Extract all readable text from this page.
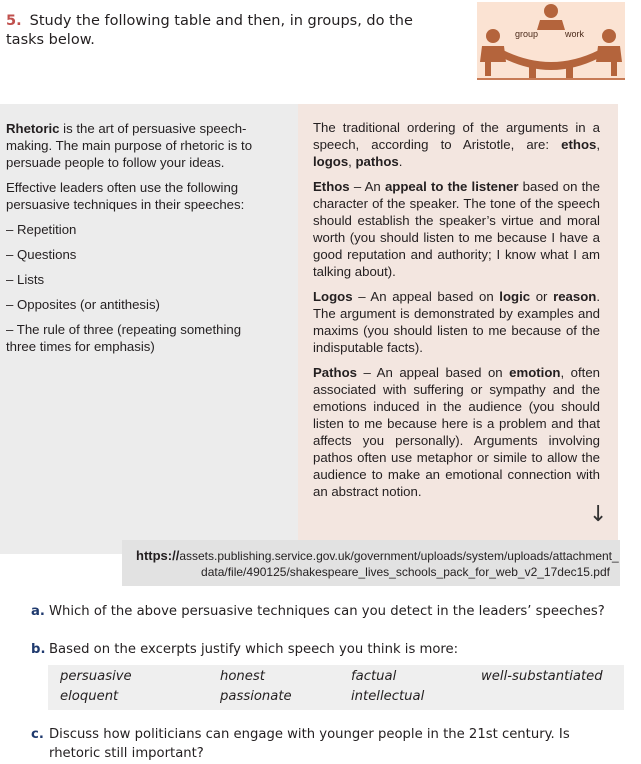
5. Study the following table and then, in groups, do the tasks below.	group	work

Rhetoric is the art of persuasive speech-making. The main purpose of rhetoric is to persuade people to follow your ideas.

Effective leaders often use the following persuasive techniques in their speeches:

– Repetition

– Questions

– Lists

– Opposites (or antithesis)

– The rule of three (repeating something three times for emphasis)

The traditional ordering of the arguments in a speech, according to Aristotle, are: ethos, logos, pathos.

Ethos – An appeal to the listener based on the character of the speaker. The tone of the speech should establish the speaker’s virtue and moral worth (you should listen to me because I have a good reputation and authority; I know what I am talking about).

Logos – An appeal based on logic or reason. The argument is demonstrated by examples and maxims (you should listen to me because of the indisputable facts).

Pathos – An appeal based on emotion, often associated with suffering or sympathy and the emotions induced in the audience (you should listen to me because here is a problem and that affects you personally). Arguments involving pathos often use metaphor or simile to allow the audience to make an emotional connection with an abstract notion.

↓
https://assets.publishing.service.gov.uk/government/uploads/system/uploads/attachment_
data/file/490125/shakespeare_lives_schools_pack_for_web_v2_17dec15.pdf
a. Which of the above persuasive techniques can you detect in the leaders’ speeches?
b. Based on the excerpts justify which speech you think is more:
persuasive	honest	factual	well-substantiated
eloquent	passionate	intellectual
c. Discuss how politicians can engage with younger people in the 21st century. Is
rhetoric still important?
